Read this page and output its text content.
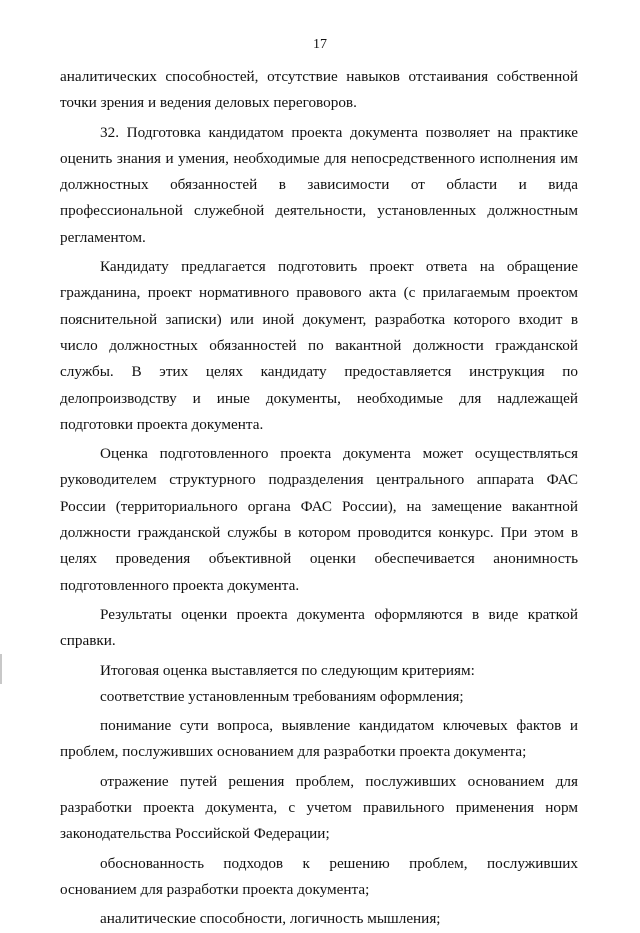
17

аналитических способностей, отсутствие навыков отстаивания собственной точки зрения и ведения деловых переговоров.

32. Подготовка кандидатом проекта документа позволяет на практике оценить знания и умения, необходимые для непосредственного исполнения им должностных обязанностей в зависимости от области и вида профессиональной служебной деятельности, установленных должностным регламентом.

Кандидату предлагается подготовить проект ответа на обращение гражданина, проект нормативного правового акта (с прилагаемым проектом пояснительной записки) или иной документ, разработка которого входит в число должностных обязанностей по вакантной должности гражданской службы. В этих целях кандидату предоставляется инструкция по делопроизводству и иные документы, необходимые для надлежащей подготовки проекта документа.

Оценка подготовленного проекта документа может осуществляться руководителем структурного подразделения центрального аппарата ФАС России (территориального органа ФАС России), на замещение вакантной должности гражданской службы в котором проводится конкурс. При этом в целях проведения объективной оценки обеспечивается анонимность подготовленного проекта документа.

Результаты оценки проекта документа оформляются в виде краткой справки.

Итоговая оценка выставляется по следующим критериям:

соответствие установленным требованиям оформления;

понимание сути вопроса, выявление кандидатом ключевых фактов и проблем, послуживших основанием для разработки проекта документа;

отражение путей решения проблем, послуживших основанием для разработки проекта документа, с учетом правильного применения норм законодательства Российской Федерации;

обоснованность подходов к решению проблем, послуживших основанием для разработки проекта документа;

аналитические способности, логичность мышления;
